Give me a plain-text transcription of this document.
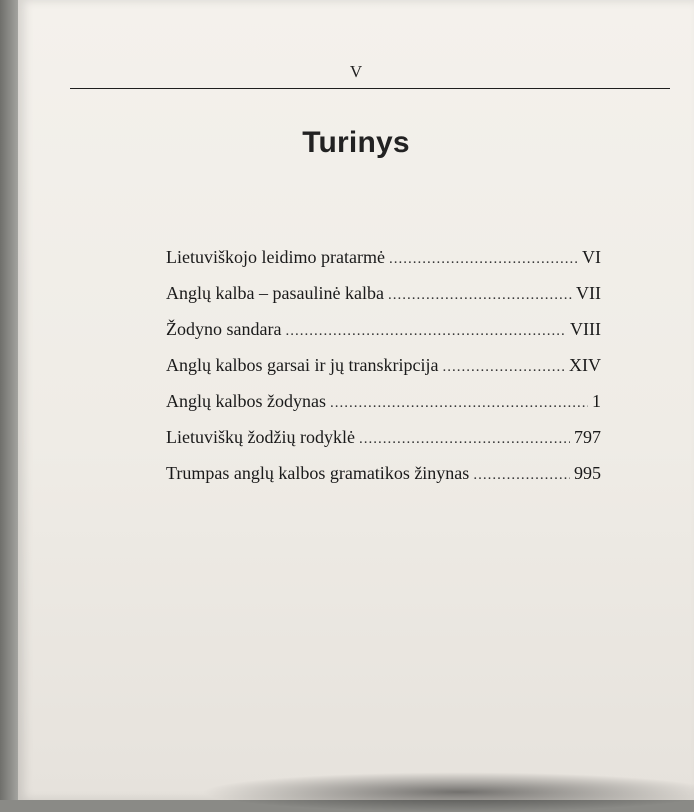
V
Turinys
Lietuviškojo leidimo pratarmė .....	VI
Anglų kalba – pasaulinė kalba .....	VII
Žodyno sandara .....	VIII
Anglų kalbos garsai ir jų transkripcija .....	XIV
Anglų kalbos žodynas .....	1
Lietuviškų žodžių rodyklė .....	797
Trumpas anglų kalbos gramatikos žinynas .....	995
